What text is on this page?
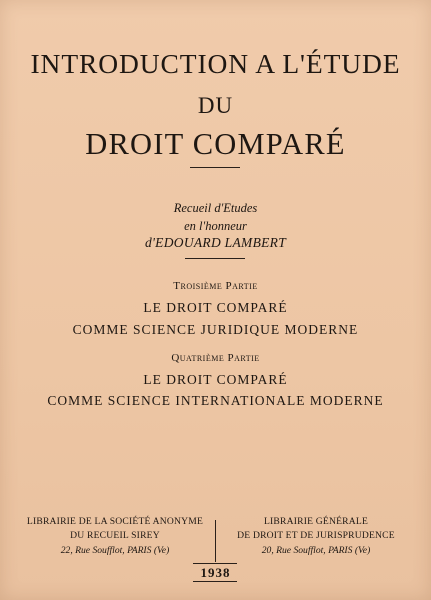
INTRODUCTION A L'ÉTUDE
DU
DROIT COMPARÉ
Recueil d'Etudes
en l'honneur
d'EDOUARD LAMBERT
Troisième Partie
LE DROIT COMPARÉ
COMME SCIENCE JURIDIQUE MODERNE
Quatrième Partie
LE DROIT COMPARÉ
COMME SCIENCE INTERNATIONALE MODERNE
LIBRAIRIE DE LA SOCIÉTÉ ANONYME
DU RECUEIL SIREY
22, Rue Soufflot, PARIS (Ve)
LIBRAIRIE GÉNÉRALE
DE DROIT ET DE JURISPRUDENCE
20, Rue Soufflot, PARIS (Ve)
1938
